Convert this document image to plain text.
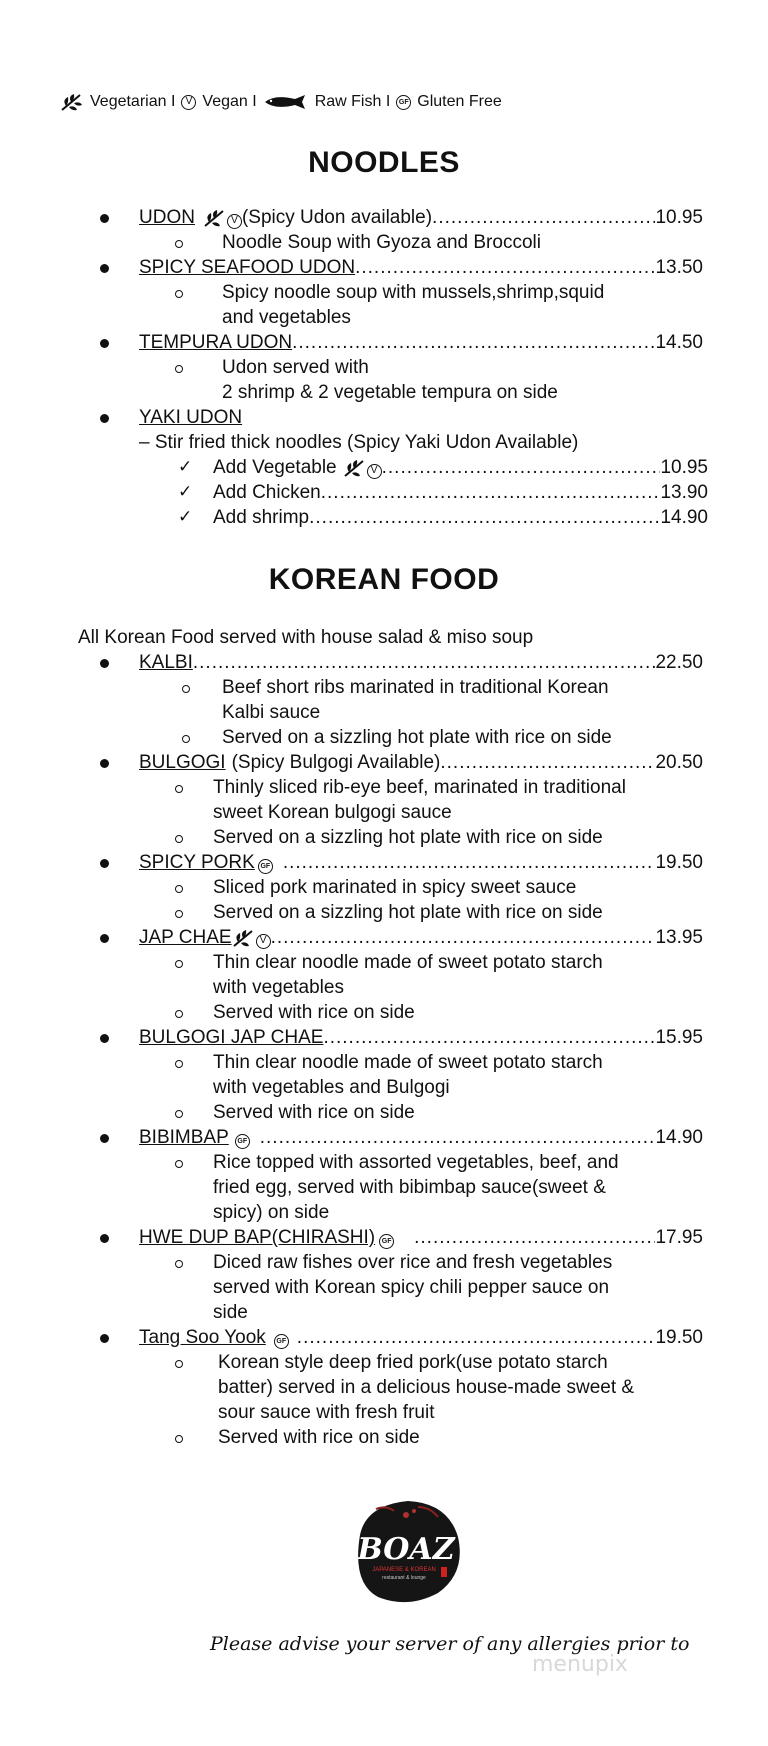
Vegetarian I	V Vegan I	Raw Fish I	GF Gluten Free
NOODLES
UDON	V (Spicy Udon available) .....	10.95
Noodle Soup with Gyoza and Broccoli
SPICY SEAFOOD UDON .....	13.50
Spicy noodle soup with mussels,shrimp,squid
and vegetables
TEMPURA UDON .....	14.50
Udon served with
2 shrimp & 2 vegetable tempura on side
YAKI UDON
– Stir fried thick noodles (Spicy Yaki Udon Available)
✓ Add Vegetable	V .....	10.95
✓ Add Chicken .....	13.90
✓ Add shrimp .....	14.90
KOREAN FOOD
All Korean Food served with house salad & miso soup
KALBI .....	22.50
Beef short ribs marinated in traditional Korean
Kalbi sauce
Served on a sizzling hot plate with rice on side
BULGOGI (Spicy Bulgogi Available) .....	20.50
Thinly sliced rib-eye beef, marinated in traditional
sweet Korean bulgogi sauce
Served on a sizzling hot plate with rice on side
SPICY PORK GF .....	19.50
Sliced pork marinated in spicy sweet sauce
Served on a sizzling hot plate with rice on side
JAP CHAE	V .....	13.95
Thin clear noodle made of sweet potato starch
with vegetables
Served with rice on side
BULGOGI JAP CHAE .....	15.95
Thin clear noodle made of sweet potato starch
with vegetables and Bulgogi
Served with rice on side
BIBIMBAP	GF .....	14.90
Rice topped with assorted vegetables, beef, and
fried egg, served with bibimbap sauce(sweet &
spicy) on side
HWE DUP BAP(CHIRASHI) GF .....	17.95
Diced raw fishes over rice and fresh vegetables
served with Korean spicy chili pepper sauce on
side
Tang Soo Yook	GF .....	19.50
Korean style deep fried pork(use potato starch
batter) served in a delicious house-made sweet &
sour sauce with fresh fruit
Served with rice on side
BOAZ
JAPANESE & KOREAN
restaurant & lounge
Please advise your server of any allergies prior to
menupix
